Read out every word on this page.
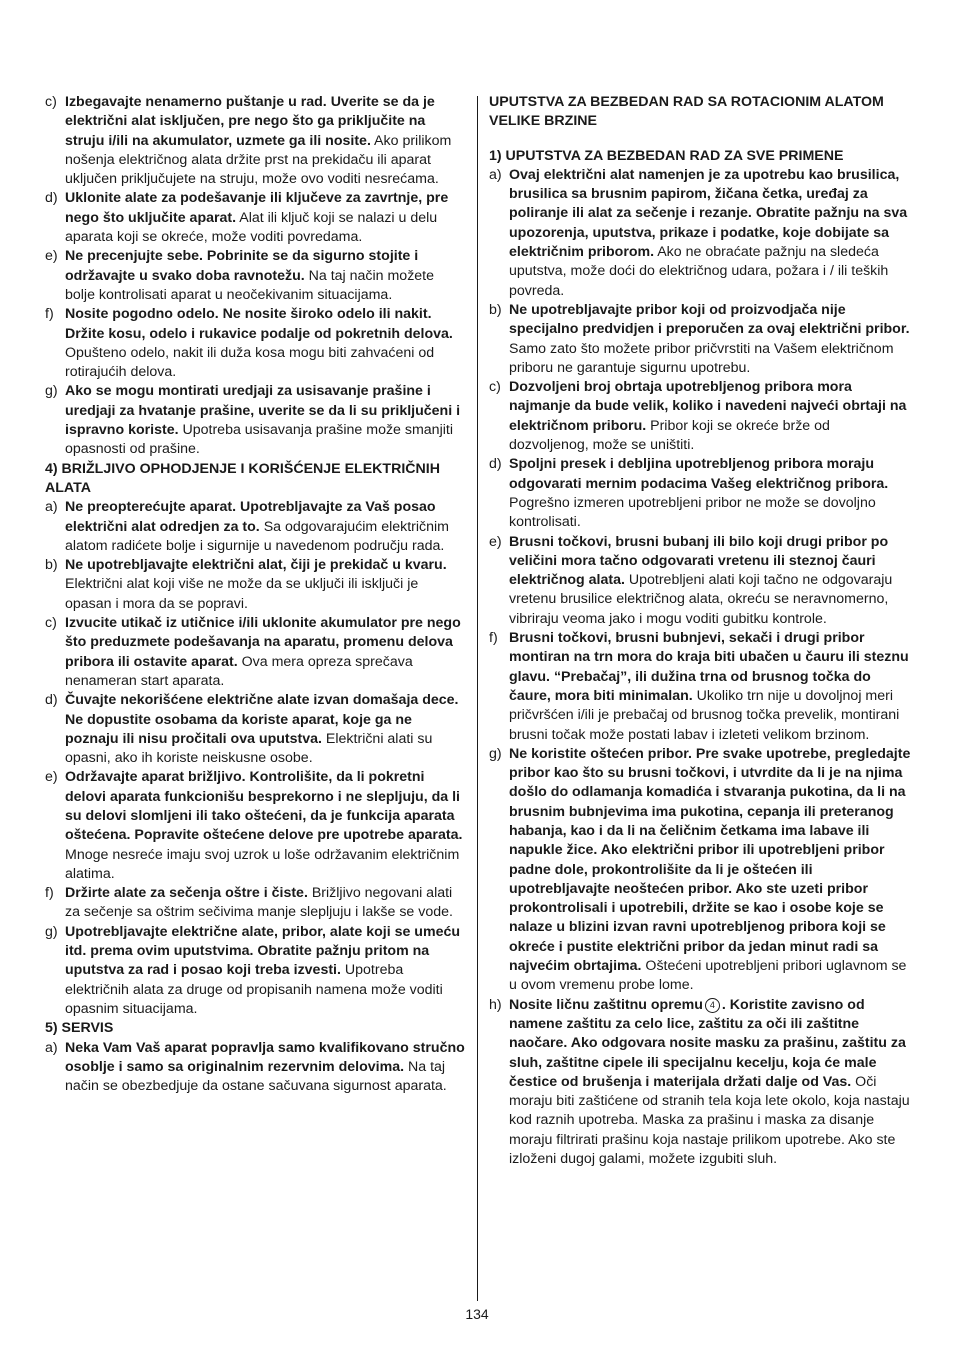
c) Izbegavajte nenamerno puštanje u rad. Uverite se da je električni alat isključen, pre nego što ga priključite na struju i/ili na akumulator, uzmete ga ili nosite. Ako prilikom nošenja električnog alata držite prst na prekidaču ili aparat uključen priključujete na struju, može ovo voditi nesrećama.
d) Uklonite alate za podešavanje ili ključeve za zavrtnje, pre nego što uključite aparat. Alat ili ključ koji se nalazi u delu aparata koji se okreće, može voditi povredama.
e) Ne precenjujte sebe. Pobrinite se da sigurno stojite i održavajte u svako doba ravnotežu. Na taj način možete bolje kontrolisati aparat u neočekivanim situacijama.
f) Nosite pogodno odelo. Ne nosite široko odelo ili nakit. Držite kosu, odelo i rukavice podalje od pokretnih delova. Opušteno odelo, nakit ili duža kosa mogu biti zahvaćeni od rotirajućih delova.
g) Ako se mogu montirati uredjaji za usisavanje prašine i uredjaji za hvatanje prašine, uverite se da li su priključeni i ispravno koriste. Upotreba usisavanja prašine može smanjiti opasnosti od prašine.
4) BRIŽLJIVO OPHODJENJE I KORIŠĆENJE ELEKTRIČNIH ALATA
a) Ne preopterećujte aparat. Upotrebljavajte za Vaš posao električni alat odredjen za to. Sa odgovarajućim električnim alatom radićete bolje i sigurnije u navedenom području rada.
b) Ne upotrebljavajte električni alat, čiji je prekidač u kvaru. Električni alat koji više ne može da se uključi ili isključi je opasan i mora da se popravi.
c) Izvucite utikač iz utičnice i/ili uklonite akumulator pre nego što preduzmete podešavanja na aparatu, promenu delova pribora ili ostavite aparat. Ova mera opreza sprečava nenameran start aparata.
d) Čuvajte nekorišćene električne alate izvan domašaja dece. Ne dopustite osobama da koriste aparat, koje ga ne poznaju ili nisu pročitali ova uputstva. Električni alati su opasni, ako ih koriste neiskusne osobe.
e) Održavajte aparat brižljivo. Kontrolišite, da li pokretni delovi aparata funkcionišu besprekorno i ne slepljuju, da li su delovi slomljeni ili tako oštećeni, da je funkcija aparata oštećena. Popravite oštećene delove pre upotrebe aparata. Mnoge nesreće imaju svoj uzrok u loše održavanim električnim alatima.
f) Držirte alate za sečenja oštre i čiste. Brižljivo negovani alati za sečenje sa oštrim sečivima manje slepljuju i lakše se vode.
g) Upotrebljavajte električne alate, pribor, alate koji se umeću itd. prema ovim uputstvima. Obratite pažnju pritom na uputstva za rad i posao koji treba izvesti. Upotreba električnih alata za druge od propisanih namena može voditi opasnim situacijama.
5) SERVIS
a) Neka Vam Vaš aparat popravlja samo kvalifikovano stručno osoblje i samo sa originalnim rezervnim delovima. Na taj način se obezbedjuje da ostane sačuvana sigurnost aparata.
UPUTSTVA ZA BEZBEDAN RAD SA ROTACIONIM ALATOM VELIKE BRZINE
1) UPUTSTVA ZA BEZBEDAN RAD ZA SVE PRIMENE
a) Ovaj električni alat namenjen je za upotrebu kao brusilica, brusilica sa brusnim papirom, žičana četka, uređaj za poliranje ili alat za sečenje i rezanje. Obratite pažnju na sva upozorenja, uputstva, prikaze i podatke, koje dobijate sa električnim priborom. Ako ne obraćate pažnju na sledeća uputstva, može doći do električnog udara, požara i / ili teških povreda.
b) Ne upotrebljavajte pribor koji od proizvodjača nije specijalno predvidjen i preporučen za ovaj električni pribor. Samo zato što možete pribor pričvrstiti na Vašem električnom priboru ne garantuje sigurnu upotrebu.
c) Dozvoljeni broj obrtaja upotrebljenog pribora mora najmanje da bude velik, koliko i navedeni najveći obrtaji na električnom priboru. Pribor koji se okreće brže od dozvoljenog, može se uništiti.
d) Spoljni presek i debljina upotrebljenog pribora moraju odgovarati mernim podacima Vašeg električnog pribora. Pogrešno izmeren upotrebljeni pribor ne može se dovoljno kontrolisati.
e) Brusni točkovi, brusni bubanj ili bilo koji drugi pribor po veličini mora tačno odgovarati vretenu ili steznoj čauri električnog alata. Upotrebljeni alati koji tačno ne odgovaraju vretenu brusilice električnog alata, okreću se neravnomerno, vibriraju veoma jako i mogu voditi gubitku kontrole.
f) Brusni točkovi, brusni bubnjevi, sekači i drugi pribor montiran na trn mora do kraja biti ubačen u čauru ili steznu glavu. “Prebačaj”, ili dužina trna od brusnog točka do čaure, mora biti minimalan. Ukoliko trn nije u dovoljnoj meri pričvršćen i/ili je prebačaj od brusnog točka prevelik, montirani brusni točak može postati labav i izleteti velikom brzinom.
g) Ne koristite oštećen pribor. Pre svake upotrebe, pregledajte pribor kao što su brusni točkovi, i utvrdite da li je na njima došlo do odlamanja komadića i stvaranja pukotina, da li na brusnim bubnjevima ima pukotina, cepanja ili preteranog habanja, kao i da li na čeličnim četkama ima labave ili napukle žice. Ako električni pribor ili upotrebljeni pribor padne dole, prokontrolišite da li je oštećen ili upotrebljavajte neoštećen pribor. Ako ste uzeti pribor prokontrolisali i upotrebili, držite se kao i osobe koje se nalaze u blizini izvan ravni upotrebljenog pribora koji se okreće i pustite električni pribor da jedan minut radi sa najvećim obrtajima. Oštećeni upotrebljeni pribori uglavnom se u ovom vremenu probe lome.
h) Nosite ličnu zaštitnu opremu 4 . Koristite zavisno od namene zaštitu za celo lice, zaštitu za oči ili zaštitne naočare. Ako odgovara nosite masku za prašinu, zaštitu za sluh, zaštitne cipele ili specijalnu kecelju, koja će male čestice od brušenja i materijala držati dalje od Vas. Oči moraju biti zaštićene od stranih tela koja lete okolo, koja nastaju kod raznih upotreba. Maska za prašinu i maska za disanje moraju filtrirati prašinu koja nastaje prilikom upotrebe. Ako ste izloženi dugoj galami, možete izgubiti sluh.
134
